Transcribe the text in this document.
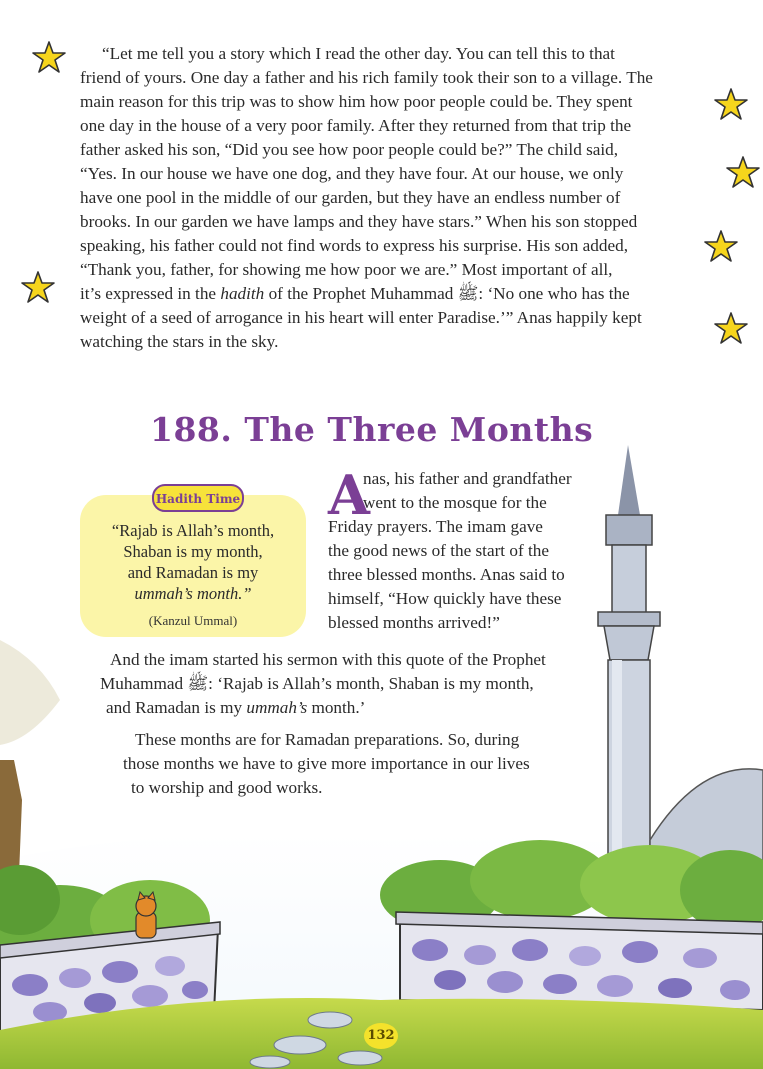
“Let me tell you a story which I read the other day. You can tell this to that
friend of yours. One day a father and his rich family took their son to a village. The
main reason for this trip was to show him how poor people could be. They spent
one day in the house of a very poor family. After they returned from that trip the
father asked his son, “Did you see how poor people could be?” The child said,
“Yes. In our house we have one dog, and they have four. At our house, we only
have one pool in the middle of our garden, but they have an endless number of
brooks. In our garden we have lamps and they have stars.” When his son stopped
speaking, his father could not find words to express his surprise. His son added,
“Thank you, father, for showing me how poor we are.” Most important of all,
it’s expressed in the hadith of the Prophet Muhammad ﷺ: ‘No one who has the
weight of a seed of arrogance in his heart will enter Paradise.’” Anas happily kept
watching the stars in the sky.
188. The Three Months
Hadith Time
“Rajab is Allah’s month,
Shaban is my month,
and Ramadan is my
ummah’s month.”
(Kanzul Ummal)
A
nas, his father and grandfather
went to the mosque for the
Friday prayers. The imam gave
the good news of the start of the
three blessed months. Anas said to
himself, “How quickly have these
blessed months arrived!”
And the imam started his sermon with this quote of the Prophet
Muhammad ﷺ: ‘Rajab is Allah’s month, Shaban is my month,
and Ramadan is my ummah’s month.’
These months are for Ramadan preparations. So, during
those months we have to give more importance in our lives
to worship and good works.
132
